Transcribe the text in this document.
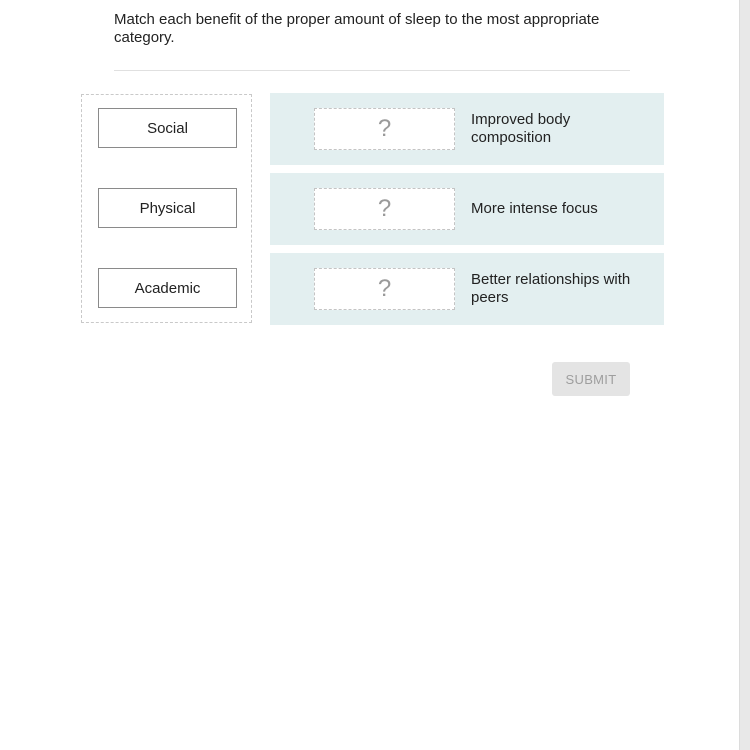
Match each benefit of the proper amount of sleep to the most appropriate category.
Social
Physical
Academic
?	Improved body composition
?	More intense focus
?	Better relationships with peers
SUBMIT
